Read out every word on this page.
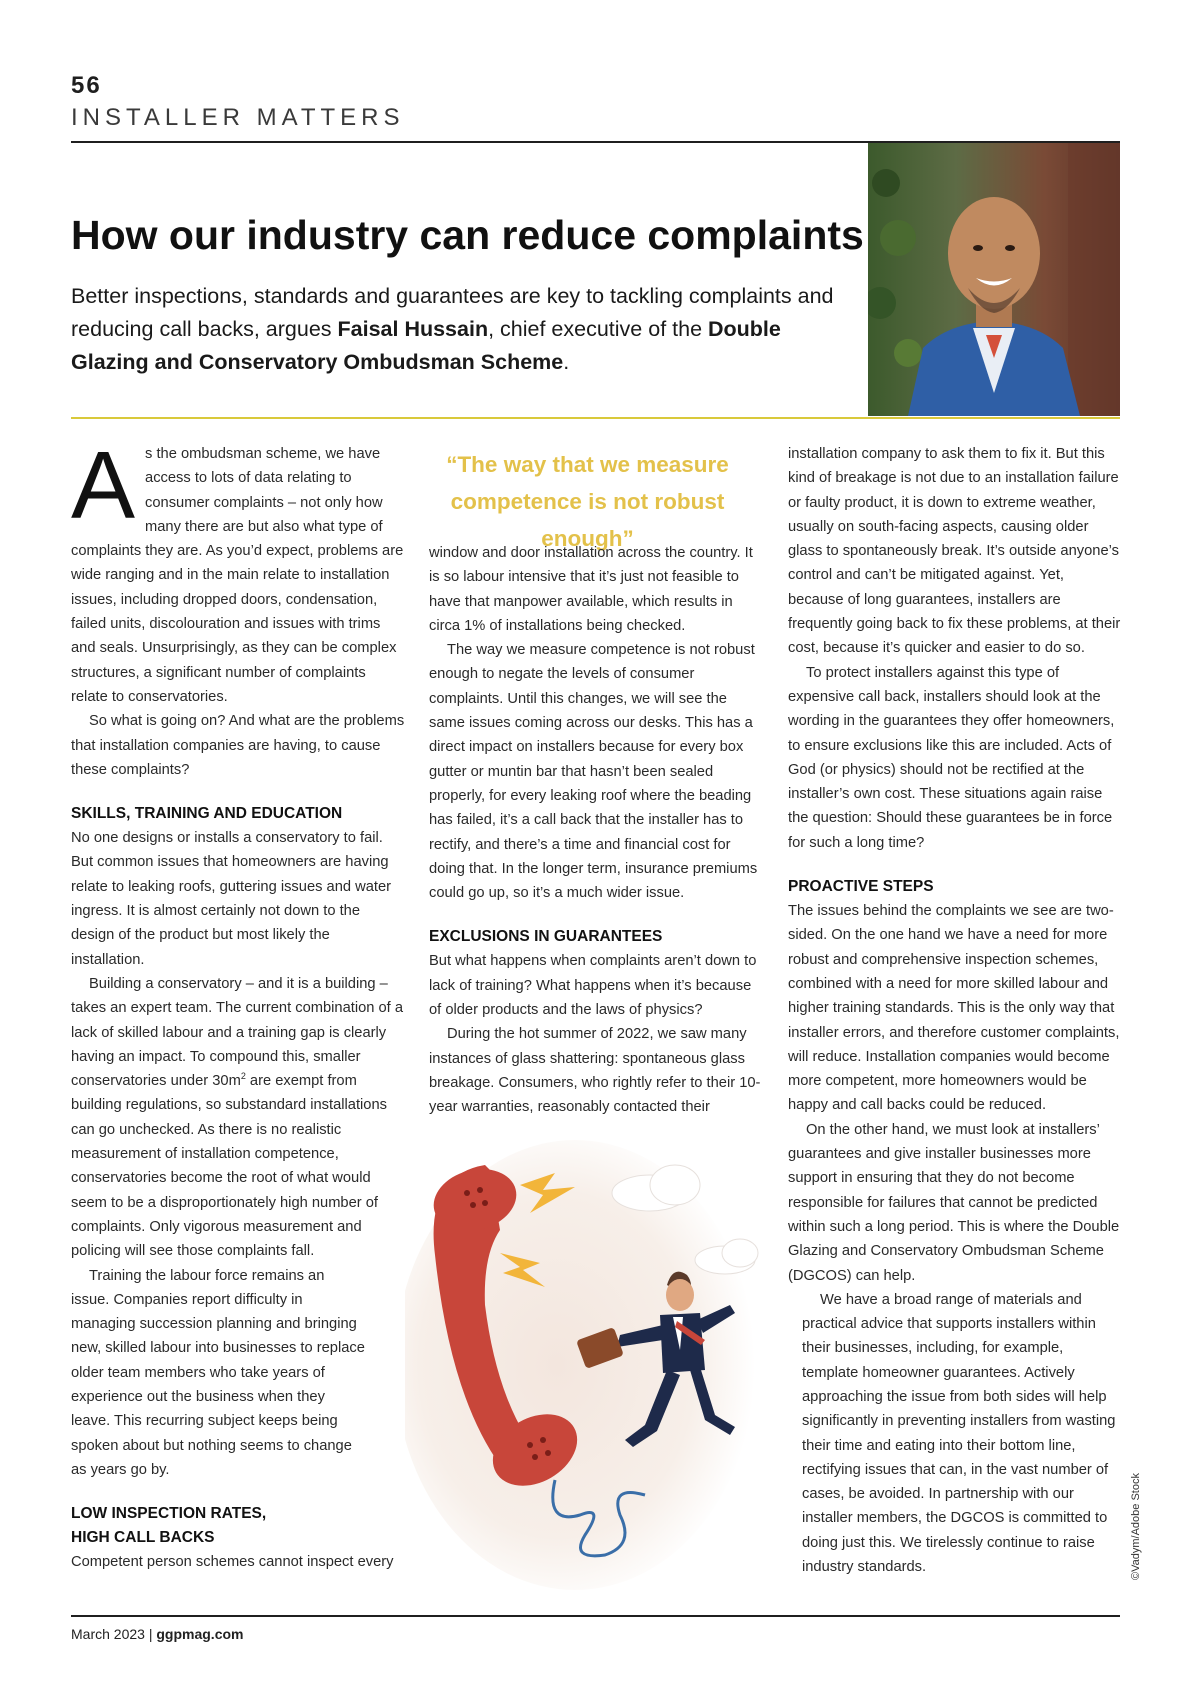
56
INSTALLER MATTERS
How our industry can reduce complaints

Better inspections, standards and guarantees are key to tackling complaints and reducing call backs, argues Faisal Hussain, chief executive of the Double Glazing and Conservatory Ombudsman Scheme.

As the ombudsman scheme, we have access to lots of data relating to consumer complaints – not only how many there are but also what type of complaints they are. As you’d expect, problems are wide ranging and in the main relate to installation issues, including dropped doors, condensation, failed units, discolouration and issues with trims and seals. Unsurprisingly, as they can be complex structures, a significant number of complaints relate to conservatories.

So what is going on? And what are the problems that installation companies are having, to cause these complaints?

SKILLS, TRAINING AND EDUCATION

No one designs or installs a conservatory to fail. But common issues that homeowners are having relate to leaking roofs, guttering issues and water ingress. It is almost certainly not down to the design of the product but most likely the installation.

Building a conservatory – and it is a building – takes an expert team. The current combination of a lack of skilled labour and a training gap is clearly having an impact. To compound this, smaller conservatories under $30m^2$ are exempt from building regulations, so substandard installations can go unchecked. As there is no realistic measurement of installation competence, conservatories become the root of what would seem to be a disproportionately high number of complaints. Only vigorous measurement and policing will see those complaints fall.

Training the labour force remains an issue. Companies report difficulty in managing succession planning and bringing new, skilled labour into businesses to replace older team members who take years of experience out the business when they leave. This recurring subject keeps being spoken about but nothing seems to change as years go by.

LOW INSPECTION RATES, HIGH CALL BACKS

Competent person schemes cannot inspect every

“The way that we measure competence is not robust enough”

window and door installation across the country. It is so labour intensive that it’s just not feasible to have that manpower available, which results in circa 1% of installations being checked.

The way we measure competence is not robust enough to negate the levels of consumer complaints. Until this changes, we will see the same issues coming across our desks. This has a direct impact on installers because for every box gutter or muntin bar that hasn’t been sealed properly, for every leaking roof where the beading has failed, it’s a call back that the installer has to rectify, and there’s a time and financial cost for doing that. In the longer term, insurance premiums could go up, so it’s a much wider issue.

EXCLUSIONS IN GUARANTEES

But what happens when complaints aren’t down to lack of training? What happens when it’s because of older products and the laws of physics?

During the hot summer of 2022, we saw many instances of glass shattering: spontaneous glass breakage. Consumers, who rightly refer to their 10-year warranties, reasonably contacted their

installation company to ask them to fix it. But this kind of breakage is not due to an installation failure or faulty product, it is down to extreme weather, usually on south-facing aspects, causing older glass to spontaneously break. It’s outside anyone’s control and can’t be mitigated against. Yet, because of long guarantees, installers are frequently going back to fix these problems, at their cost, because it’s quicker and easier to do so.

To protect installers against this type of expensive call back, installers should look at the wording in the guarantees they offer homeowners, to ensure exclusions like this are included. Acts of God (or physics) should not be rectified at the installer’s own cost. These situations again raise the question: Should these guarantees be in force for such a long time?

PROACTIVE STEPS

The issues behind the complaints we see are two-sided. On the one hand we have a need for more robust and comprehensive inspection schemes, combined with a need for more skilled labour and higher training standards. This is the only way that installer errors, and therefore customer complaints, will reduce. Installation companies would become more competent, more homeowners would be happy and call backs could be reduced.

On the other hand, we must look at installers’ guarantees and give installer businesses more support in ensuring that they do not become responsible for failures that cannot be predicted within such a long period. This is where the Double Glazing and Conservatory Ombudsman Scheme (DGCOS) can help.

We have a broad range of materials and practical advice that supports installers within their businesses, including, for example, template homeowner guarantees. Actively approaching the issue from both sides will help significantly in preventing installers from wasting their time and eating into their bottom line, rectifying issues that can, in the vast number of cases, be avoided. In partnership with our installer members, the DGCOS is committed to doing just this. We tirelessly continue to raise industry standards.	©Vadym/Adobe Stock
March 2023 | ggpmag.com
